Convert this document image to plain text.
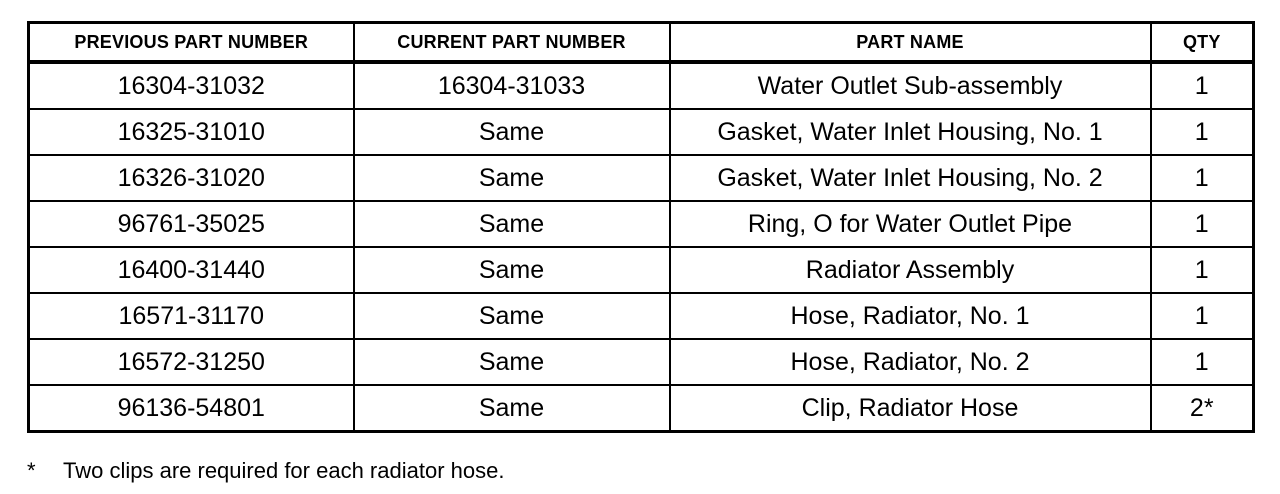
PREVIOUS PART NUMBER	CURRENT PART NUMBER	PART NAME	QTY
16304-31032	16304-31033	Water Outlet Sub-assembly	1
16325-31010	Same	Gasket, Water Inlet Housing, No. 1	1
16326-31020	Same	Gasket, Water Inlet Housing, No. 2	1
96761-35025	Same	Ring, O for Water Outlet Pipe	1
16400-31440	Same	Radiator Assembly	1
16571-31170	Same	Hose, Radiator, No. 1	1
16572-31250	Same	Hose, Radiator, No. 2	1
96136-54801	Same	Clip, Radiator Hose	2*
* Two clips are required for each radiator hose.
